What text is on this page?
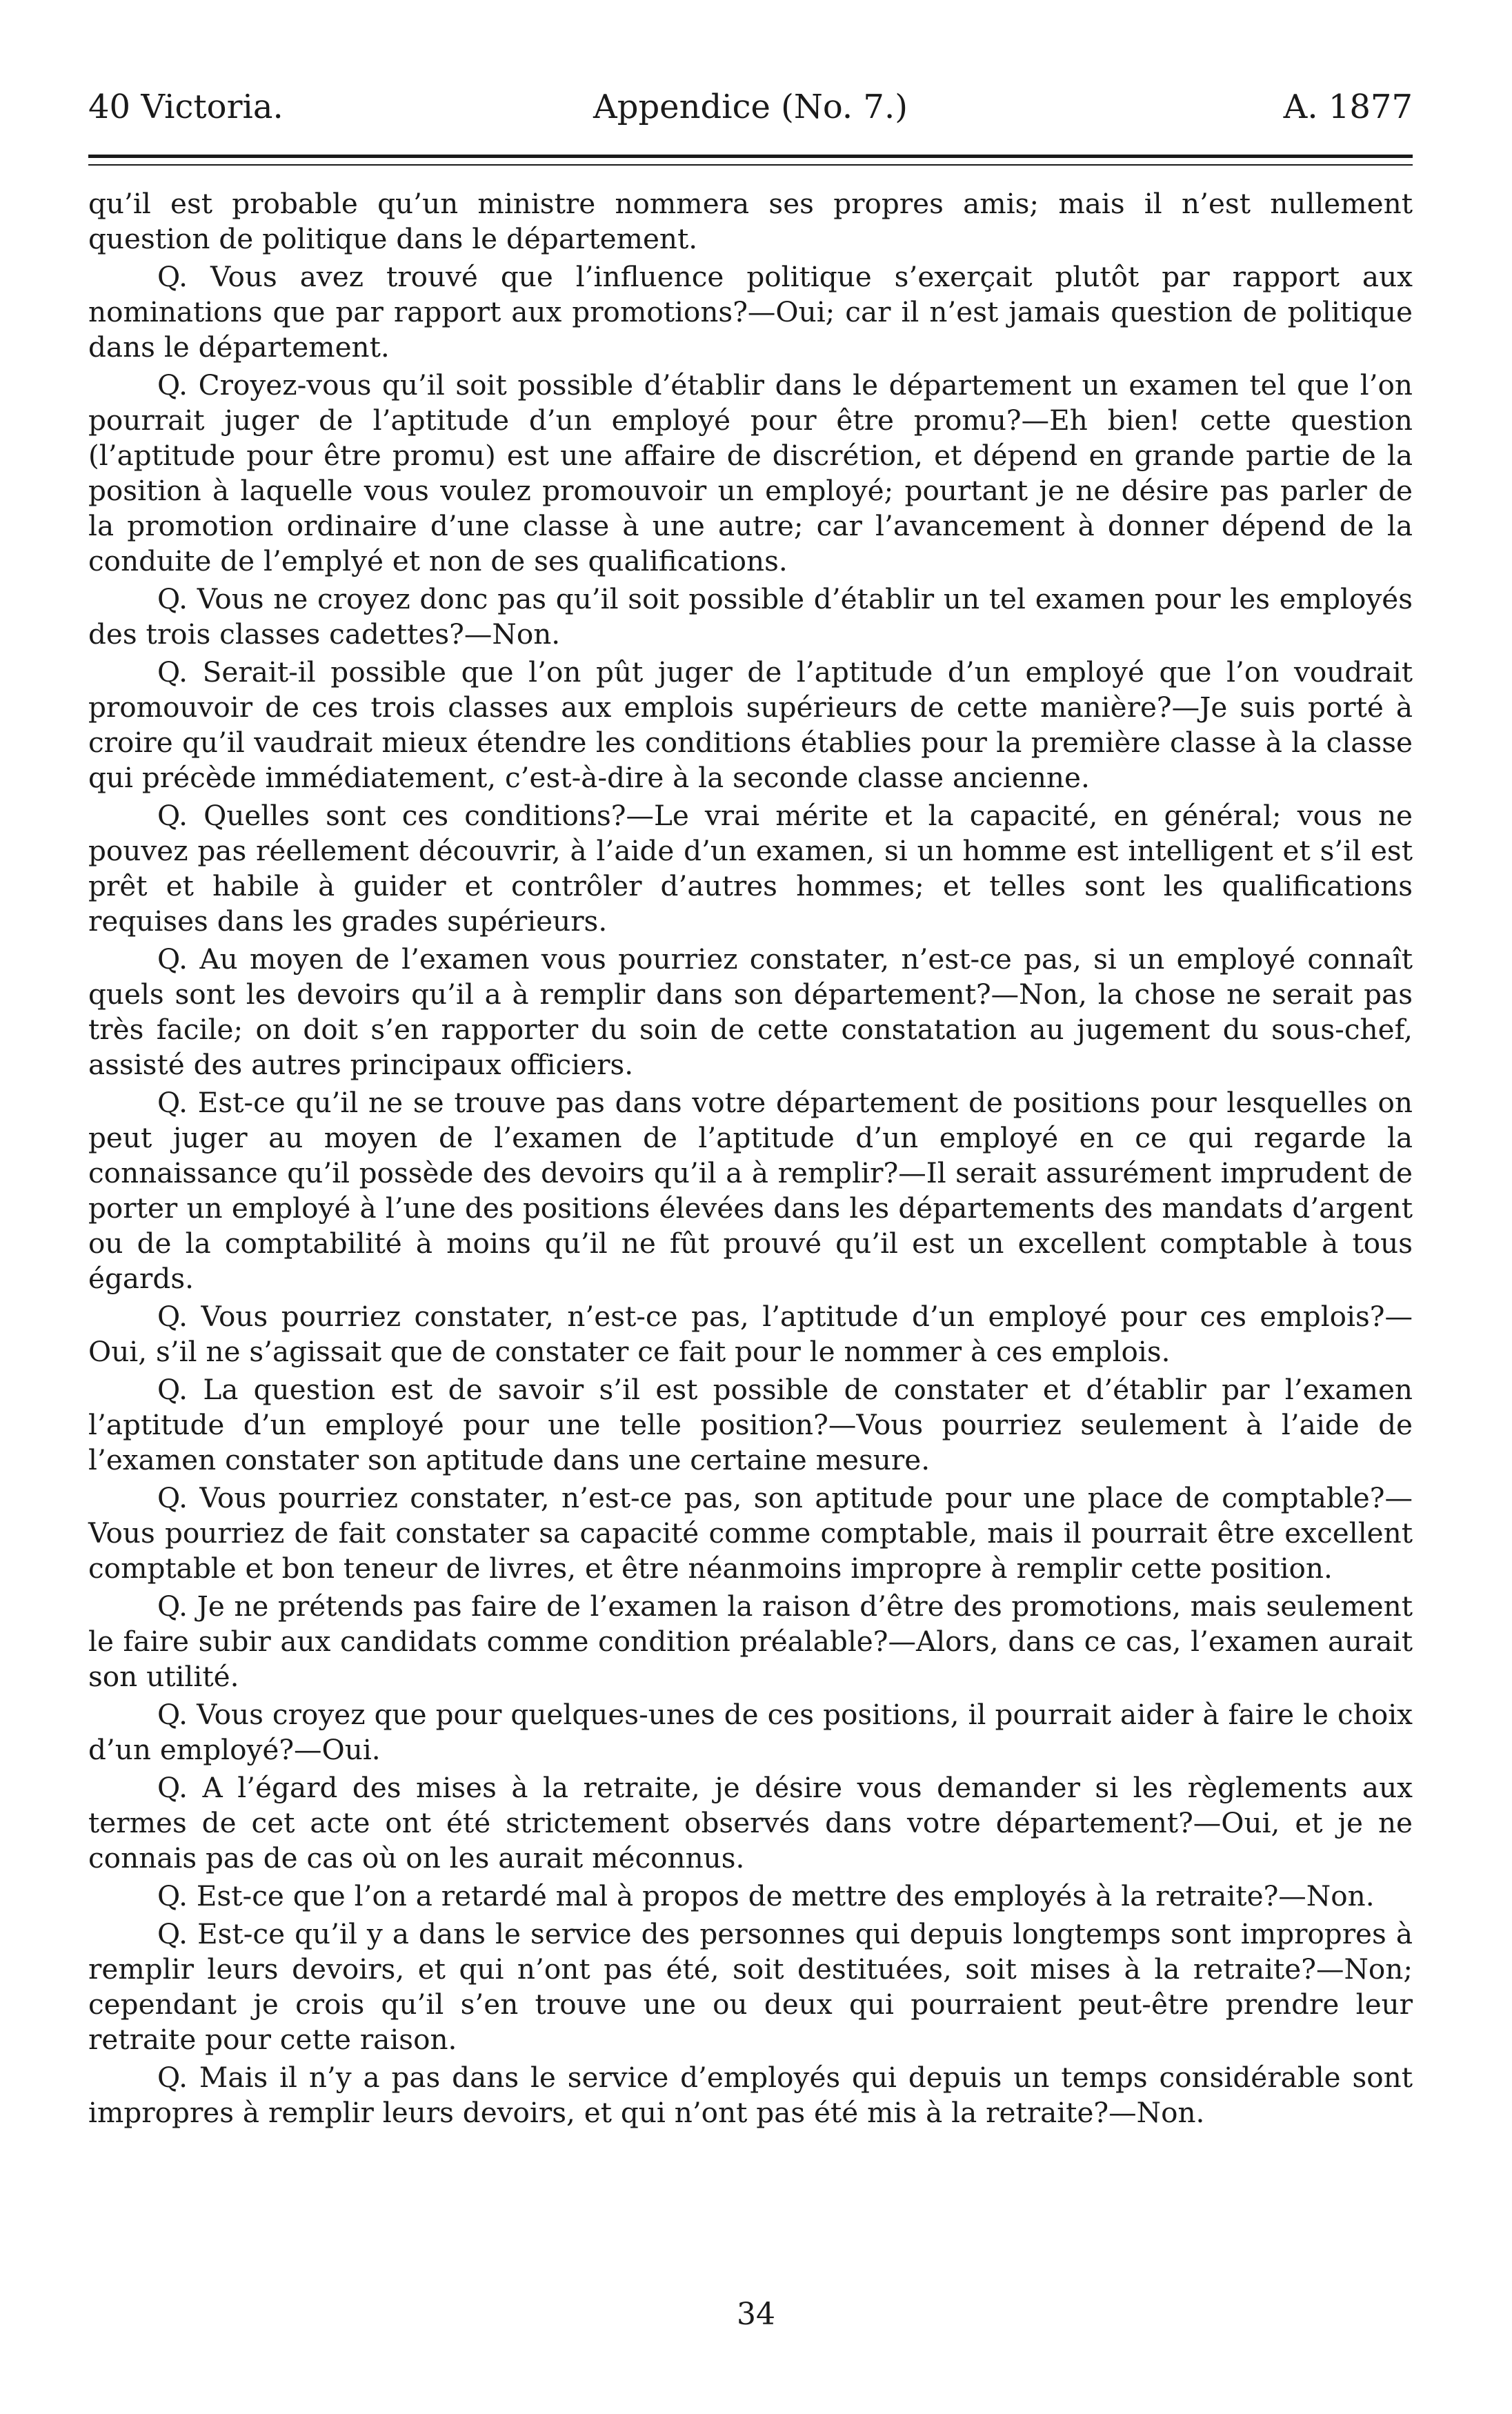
40 Victoria.	Appendice (No. 7.)	A. 1877

qu’il est probable qu’un ministre nommera ses propres amis; mais il n’est nullement question de politique dans le département.

Q. Vous avez trouvé que l’influence politique s’exerçait plutôt par rapport aux nominations que par rapport aux promotions?—Oui; car il n’est jamais question de politique dans le département.

Q. Croyez-vous qu’il soit possible d’établir dans le département un examen tel que l’on pourrait juger de l’aptitude d’un employé pour être promu?—Eh bien! cette question (l’aptitude pour être promu) est une affaire de discrétion, et dépend en grande partie de la position à laquelle vous voulez promouvoir un employé; pourtant je ne désire pas parler de la promotion ordinaire d’une classe à une autre; car l’avancement à donner dépend de la conduite de l’emplyé et non de ses qualifications.

Q. Vous ne croyez donc pas qu’il soit possible d’établir un tel examen pour les employés des trois classes cadettes?—Non.

Q. Serait-il possible que l’on pût juger de l’aptitude d’un employé que l’on voudrait promouvoir de ces trois classes aux emplois supérieurs de cette manière?—Je suis porté à croire qu’il vaudrait mieux étendre les conditions établies pour la première classe à la classe qui précède immédiatement, c’est-à-dire à la seconde classe ancienne.

Q. Quelles sont ces conditions?—Le vrai mérite et la capacité, en général; vous ne pouvez pas réellement découvrir, à l’aide d’un examen, si un homme est intelligent et s’il est prêt et habile à guider et contrôler d’autres hommes; et telles sont les qualifications requises dans les grades supérieurs.

Q. Au moyen de l’examen vous pourriez constater, n’est-ce pas, si un employé connaît quels sont les devoirs qu’il a à remplir dans son département?—Non, la chose ne serait pas très facile; on doit s’en rapporter du soin de cette constatation au jugement du sous-chef, assisté des autres principaux officiers.

Q. Est-ce qu’il ne se trouve pas dans votre département de positions pour lesquelles on peut juger au moyen de l’examen de l’aptitude d’un employé en ce qui regarde la connaissance qu’il possède des devoirs qu’il a à remplir?—Il serait assurément imprudent de porter un employé à l’une des positions élevées dans les départements des mandats d’argent ou de la comptabilité à moins qu’il ne fût prouvé qu’il est un excellent comptable à tous égards.

Q. Vous pourriez constater, n’est-ce pas, l’aptitude d’un employé pour ces emplois?—Oui, s’il ne s’agissait que de constater ce fait pour le nommer à ces emplois.

Q. La question est de savoir s’il est possible de constater et d’établir par l’examen l’aptitude d’un employé pour une telle position?—Vous pourriez seulement à l’aide de l’examen constater son aptitude dans une certaine mesure.

Q. Vous pourriez constater, n’est-ce pas, son aptitude pour une place de comptable?—Vous pourriez de fait constater sa capacité comme comptable, mais il pourrait être excellent comptable et bon teneur de livres, et être néanmoins impropre à remplir cette position.

Q. Je ne prétends pas faire de l’examen la raison d’être des promotions, mais seulement le faire subir aux candidats comme condition préalable?—Alors, dans ce cas, l’examen aurait son utilité.

Q. Vous croyez que pour quelques-unes de ces positions, il pourrait aider à faire le choix d’un employé?—Oui.

Q. A l’égard des mises à la retraite, je désire vous demander si les règlements aux termes de cet acte ont été strictement observés dans votre département?—Oui, et je ne connais pas de cas où on les aurait méconnus.

Q. Est-ce que l’on a retardé mal à propos de mettre des employés à la retraite?—Non.

Q. Est-ce qu’il y a dans le service des personnes qui depuis longtemps sont impropres à remplir leurs devoirs, et qui n’ont pas été, soit destituées, soit mises à la retraite?—Non; cependant je crois qu’il s’en trouve une ou deux qui pourraient peut-être prendre leur retraite pour cette raison.

Q. Mais il n’y a pas dans le service d’employés qui depuis un temps considérable sont impropres à remplir leurs devoirs, et qui n’ont pas été mis à la retraite?—Non.

34
